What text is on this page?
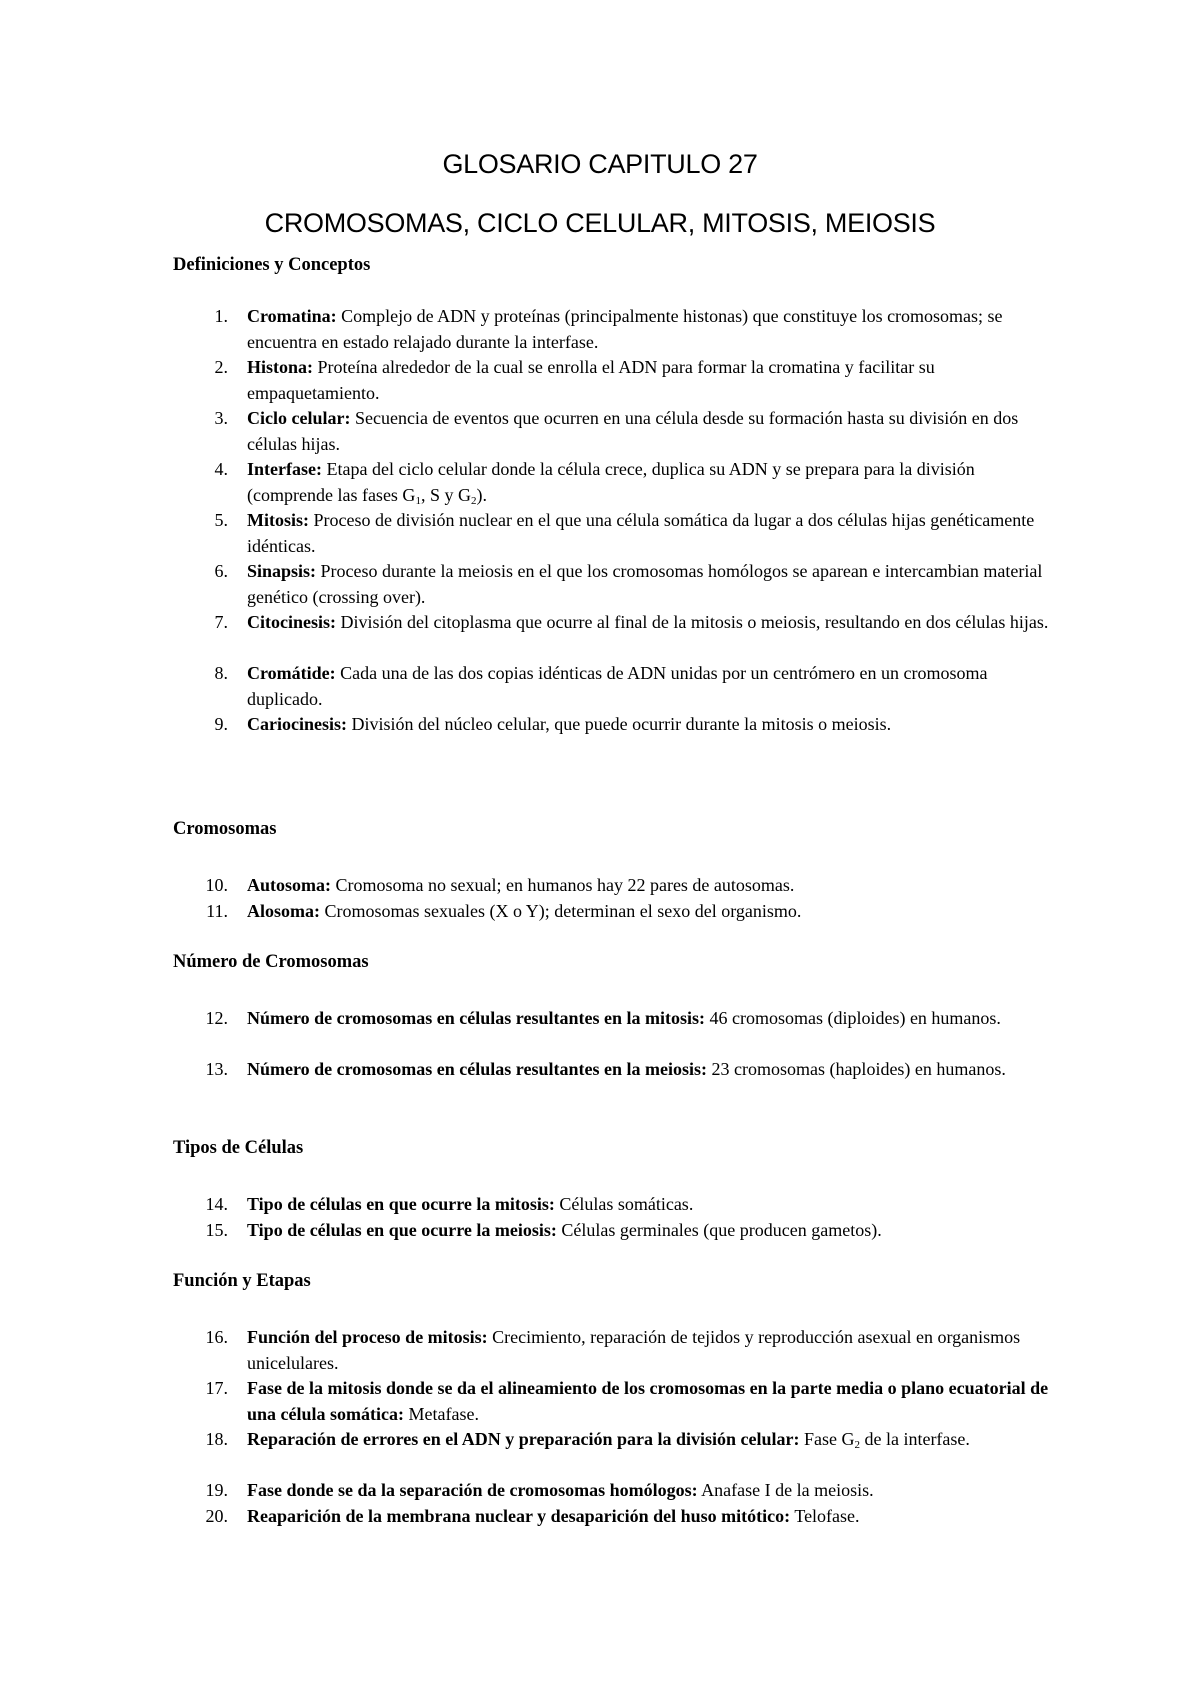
GLOSARIO CAPITULO 27
CROMOSOMAS, CICLO CELULAR, MITOSIS, MEIOSIS
Definiciones y Conceptos
1. Cromatina: Complejo de ADN y proteínas (principalmente histonas) que constituye los cromosomas; se encuentra en estado relajado durante la interfase.
2. Histona: Proteína alrededor de la cual se enrolla el ADN para formar la cromatina y facilitar su empaquetamiento.
3. Ciclo celular: Secuencia de eventos que ocurren en una célula desde su formación hasta su división en dos células hijas.
4. Interfase: Etapa del ciclo celular donde la célula crece, duplica su ADN y se prepara para la división (comprende las fases $G_1$, S y $G_2$).
5. Mitosis: Proceso de división nuclear en el que una célula somática da lugar a dos células hijas genéticamente idénticas.
6. Sinapsis: Proceso durante la meiosis en el que los cromosomas homólogos se aparean e intercambian material genético (crossing over).
7. Citocinesis: División del citoplasma que ocurre al final de la mitosis o meiosis, resultando en dos células hijas.
8. Cromátide: Cada una de las dos copias idénticas de ADN unidas por un centrómero en un cromosoma duplicado.
9. Cariocinesis: División del núcleo celular, que puede ocurrir durante la mitosis o meiosis.
Cromosomas
10. Autosoma: Cromosoma no sexual; en humanos hay 22 pares de autosomas.
11. Alosoma: Cromosomas sexuales (X o Y); determinan el sexo del organismo.
Número de Cromosomas
12. Número de cromosomas en células resultantes en la mitosis: 46 cromosomas (diploides) en humanos.
13. Número de cromosomas en células resultantes en la meiosis: 23 cromosomas (haploides) en humanos.
Tipos de Células
14. Tipo de células en que ocurre la mitosis: Células somáticas.
15. Tipo de células en que ocurre la meiosis: Células germinales (que producen gametos).
Función y Etapas
16. Función del proceso de mitosis: Crecimiento, reparación de tejidos y reproducción asexual en organismos unicelulares.
17. Fase de la mitosis donde se da el alineamiento de los cromosomas en la parte media o plano ecuatorial de una célula somática: Metafase.
18. Reparación de errores en el ADN y preparación para la división celular: Fase $G_2$ de la interfase.
19. Fase donde se da la separación de cromosomas homólogos: Anafase I de la meiosis.
20. Reaparición de la membrana nuclear y desaparición del huso mitótico: Telofase.
